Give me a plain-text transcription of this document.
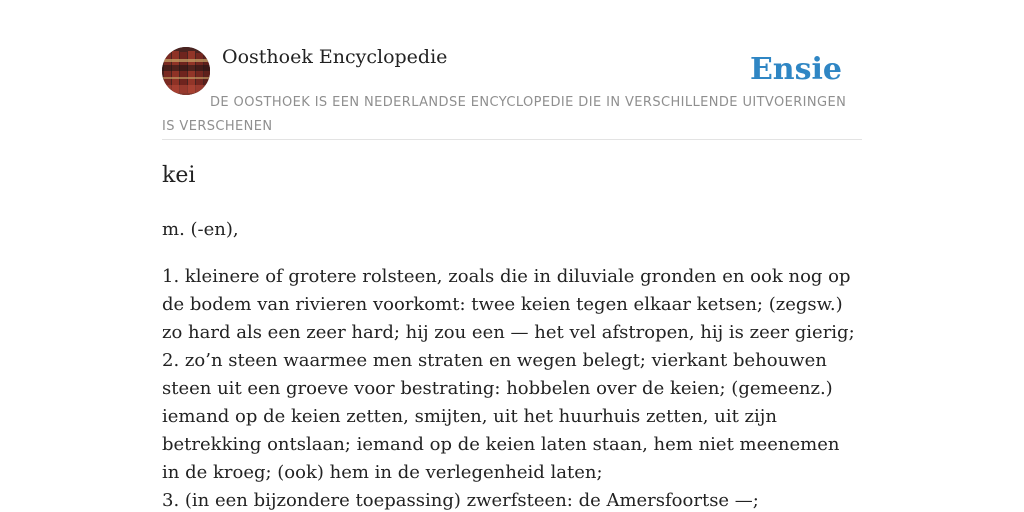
Oosthoek Encyclopedie	Ensie
DE OOSTHOEK IS EEN NEDERLANDSE ENCYCLOPEDIE DIE IN VERSCHILLENDE UITVOERINGEN IS VERSCHENEN
kei

m. (-en),

1. kleinere of grotere rolsteen, zoals die in diluviale gronden en ook nog op de bodem van rivieren voorkomt: twee keien tegen elkaar ketsen; (zegsw.) zo hard als een zeer hard; hij zou een — het vel afstropen, hij is zeer gierig;
2. zo’n steen waarmee men straten en wegen belegt; vierkant behouwen steen uit een groeve voor bestrating: hobbelen over de keien; (gemeenz.) iemand op de keien zetten, smijten, uit het huurhuis zetten, uit zijn betrekking ontslaan; iemand op de keien laten staan, hem niet meenemen in de kroeg; (ook) hem in de verlegenheid laten;
3. (in een bijzondere toepassing) zwerfsteen: de Amersfoortse —;
